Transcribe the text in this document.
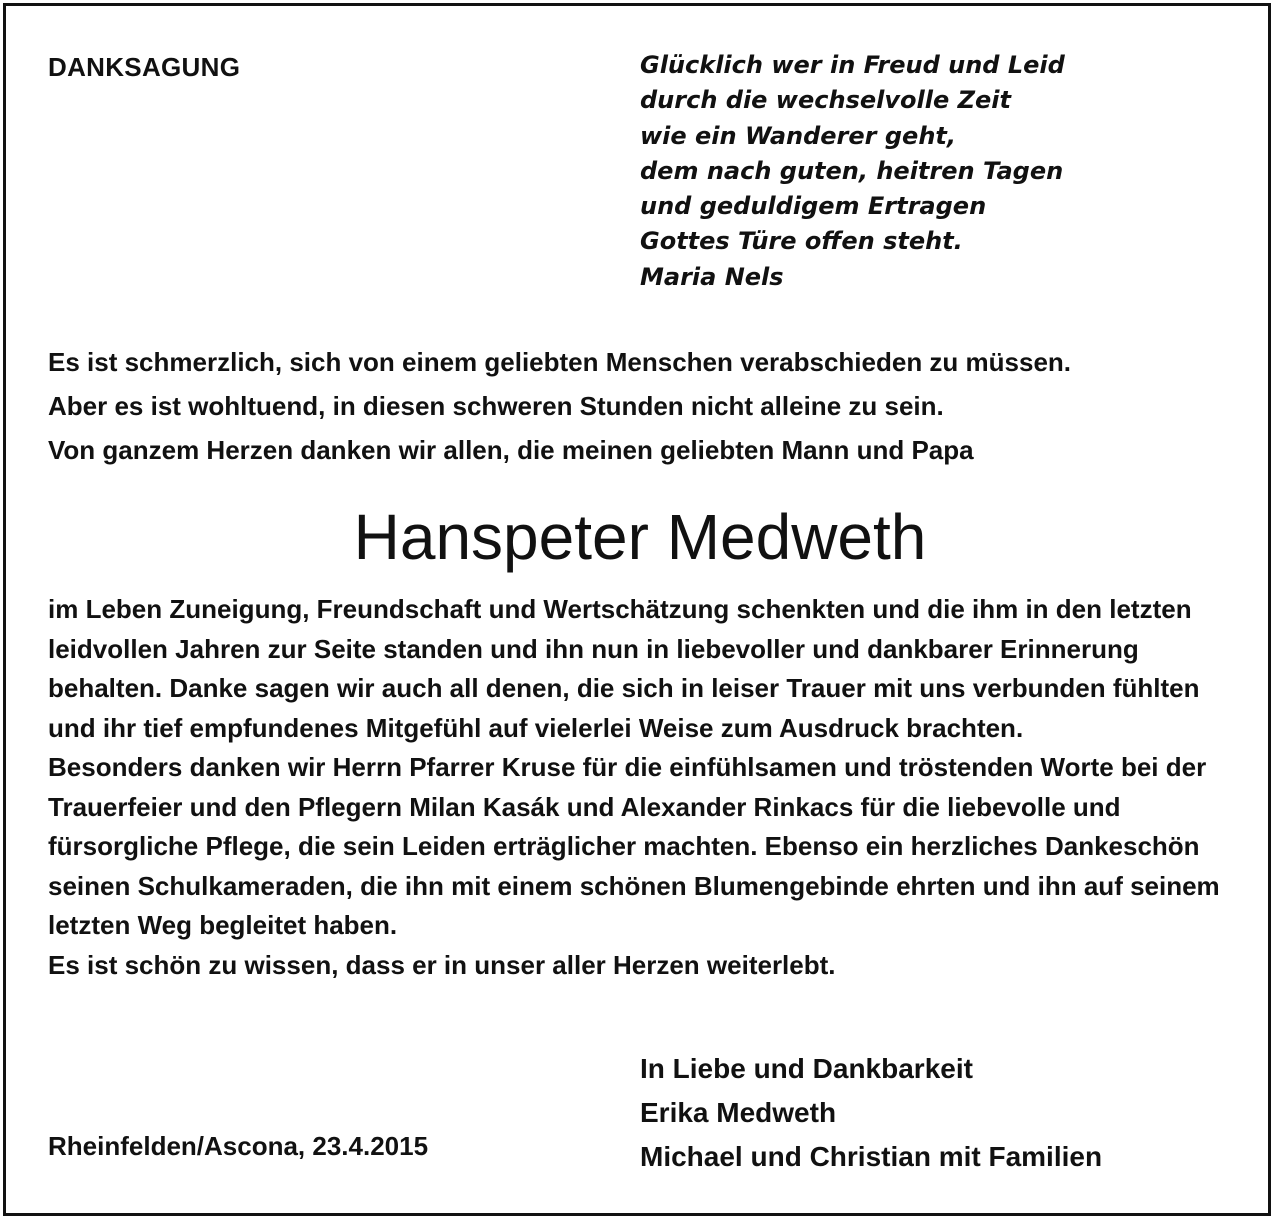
DANKSAGUNG	Glücklich wer in Freud und Leid
durch die wechselvolle Zeit
wie ein Wanderer geht,
dem nach guten, heitren Tagen
und geduldigem Ertragen
Gottes Türe offen steht.
Maria Nels
Es ist schmerzlich, sich von einem geliebten Menschen verabschieden zu müssen.
Aber es ist wohltuend, in diesen schweren Stunden nicht alleine zu sein.
Von ganzem Herzen danken wir allen, die meinen geliebten Mann und Papa
Hanspeter Medweth

im Leben Zuneigung, Freundschaft und Wertschätzung schenkten und die ihm in den letzten leidvollen Jahren zur Seite standen und ihn nun in liebevoller und dankbarer Erinnerung behalten. Danke sagen wir auch all denen, die sich in leiser Trauer mit uns verbunden fühlten und ihr tief empfundenes Mitgefühl auf vielerlei Weise zum Ausdruck brachten.

Besonders danken wir Herrn Pfarrer Kruse für die einfühlsamen und tröstenden Worte bei der Trauerfeier und den Pflegern Milan Kasák und Alexander Rinkacs für die liebevolle und fürsorgliche Pflege, die sein Leiden erträglicher machten. Ebenso ein herzliches Dankeschön seinen Schulkameraden, die ihn mit einem schönen Blumengebinde ehrten und ihn auf seinem letzten Weg begleitet haben.

Es ist schön zu wissen, dass er in unser aller Herzen weiterlebt.

In Liebe und Dankbarkeit
Erika Medweth
Michael und Christian mit Familien
Rheinfelden/Ascona, 23.4.2015
